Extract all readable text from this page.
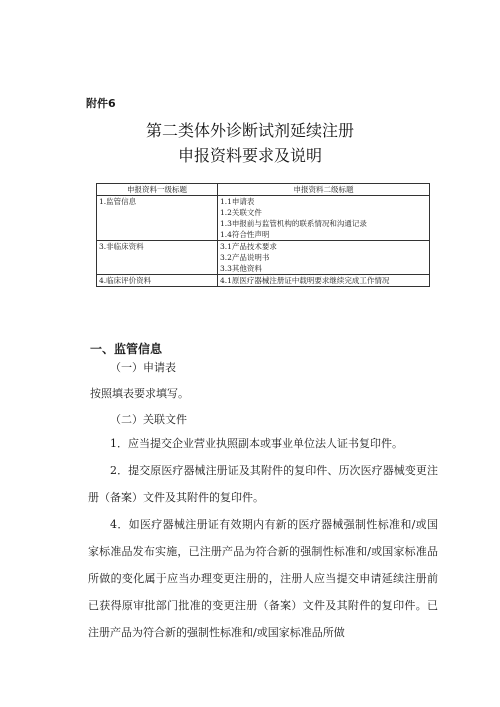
附件6
第二类体外诊断试剂延续注册
申报资料要求及说明
申报资料一级标题	申报资料二级标题
1.监管信息	1.1申请表
1.2关联文件
1.3申报前与监管机构的联系情况和沟通记录
1.4符合性声明

3.非临床资料	3.1产品技术要求
3.2产品说明书
3.3其他资料

4.临床评价资料	4.1原医疗器械注册证中载明要求继续完成工作情况
一、监管信息
（一）申请表
按照填表要求填写。
（二）关联文件
1．应当提交企业营业执照副本或事业单位法人证书复印件。
2．提交原医疗器械注册证及其附件的复印件、历次医疗器械变更注册（备案）文件及其附件的复印件。
4．如医疗器械注册证有效期内有新的医疗器械强制性标准和/或国家标准品发布实施，已注册产品为符合新的强制性标准和/或国家标准品所做的变化属于应当办理变更注册的，注册人应当提交申请延续注册前已获得原审批部门批准的变更注册（备案）文件及其附件的复印件。已注册产品为符合新的强制性标准和/或国家标准品所做
